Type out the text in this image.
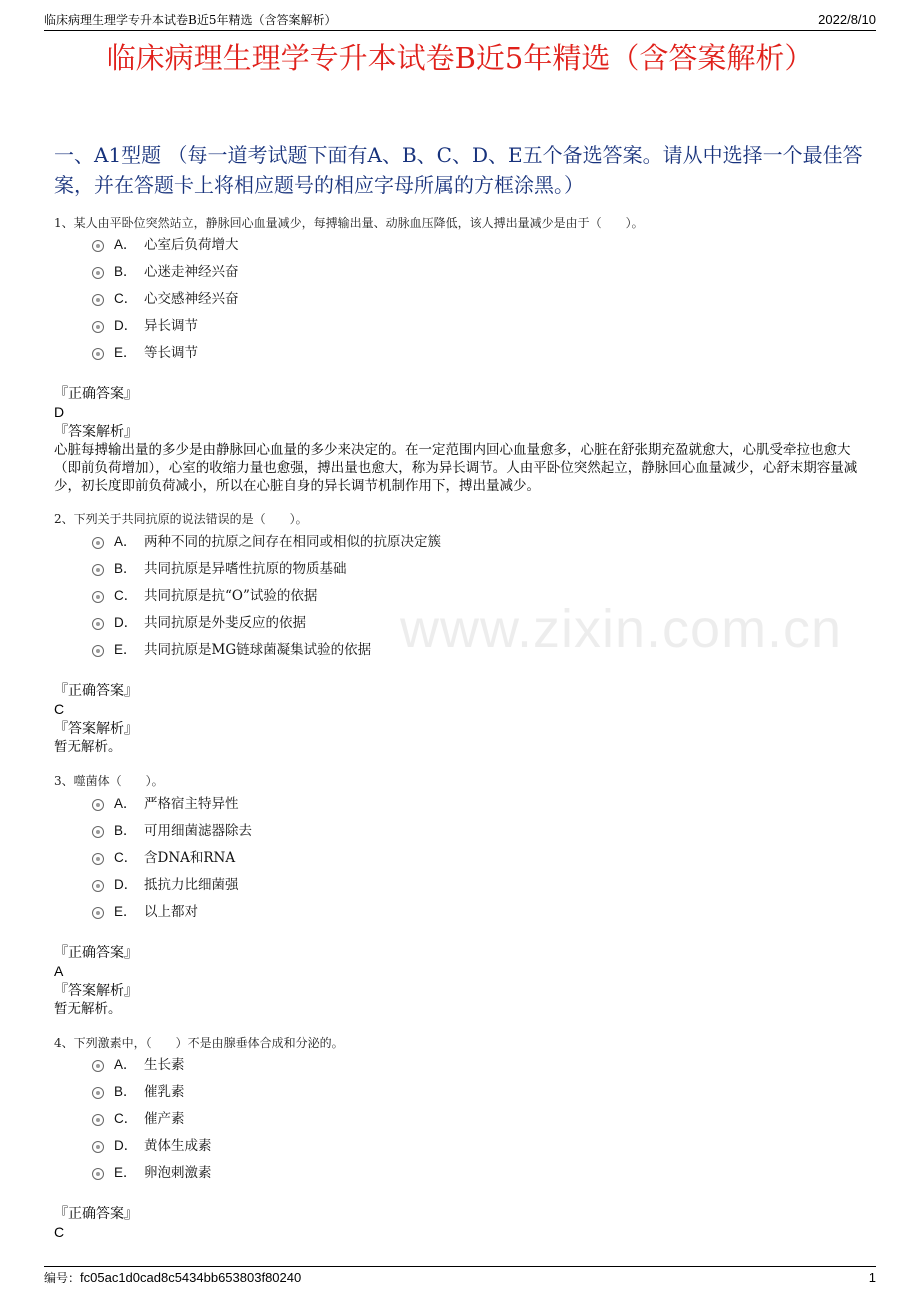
临床病理生理学专升本试卷B近5年精选（含答案解析）	2022/8/10
临床病理生理学专升本试卷B近5年精选（含答案解析）
一、A1型题 （每一道考试题下面有A、B、C、D、E五个备选答案。请从中选择一个最佳答案，并在答题卡上将相应题号的相应字母所属的方框涂黑。）
1、某人由平卧位突然站立，静脉回心血量减少，每搏输出量、动脉血压降低，该人搏出量减少是由于（　　）。
A． 心室后负荷增大
B． 心迷走神经兴奋
C． 心交感神经兴奋
D． 异长调节
E． 等长调节
『正确答案』
D
『答案解析』
心脏每搏输出量的多少是由静脉回心血量的多少来决定的。在一定范围内回心血量愈多，心脏在舒张期充盈就愈大，心肌受牵拉也愈大（即前负荷增加），心室的收缩力量也愈强，搏出量也愈大，称为异长调节。人由平卧位突然起立，静脉回心血量减少，心舒末期容量减少，初长度即前负荷减小，所以在心脏自身的异长调节机制作用下，搏出量减少。
2、下列关于共同抗原的说法错误的是（　　）。
A． 两种不同的抗原之间存在相同或相似的抗原决定簇
B． 共同抗原是异嗜性抗原的物质基础
C． 共同抗原是抗“O”试验的依据
D． 共同抗原是外斐反应的依据
E． 共同抗原是MG链球菌凝集试验的依据
『正确答案』
C
『答案解析』
暂无解析。
3、噬菌体（　　）。
A． 严格宿主特异性
B． 可用细菌滤器除去
C． 含DNA和RNA
D． 抵抗力比细菌强
E． 以上都对
『正确答案』
A
『答案解析』
暂无解析。
4、下列激素中，（　　）不是由腺垂体合成和分泌的。
A． 生长素
B． 催乳素
C． 催产素
D． 黄体生成素
E． 卵泡刺激素
『正确答案』
C
www.zixin.com.cn
编号：fc05ac1d0cad8c5434bb653803f80240	1
